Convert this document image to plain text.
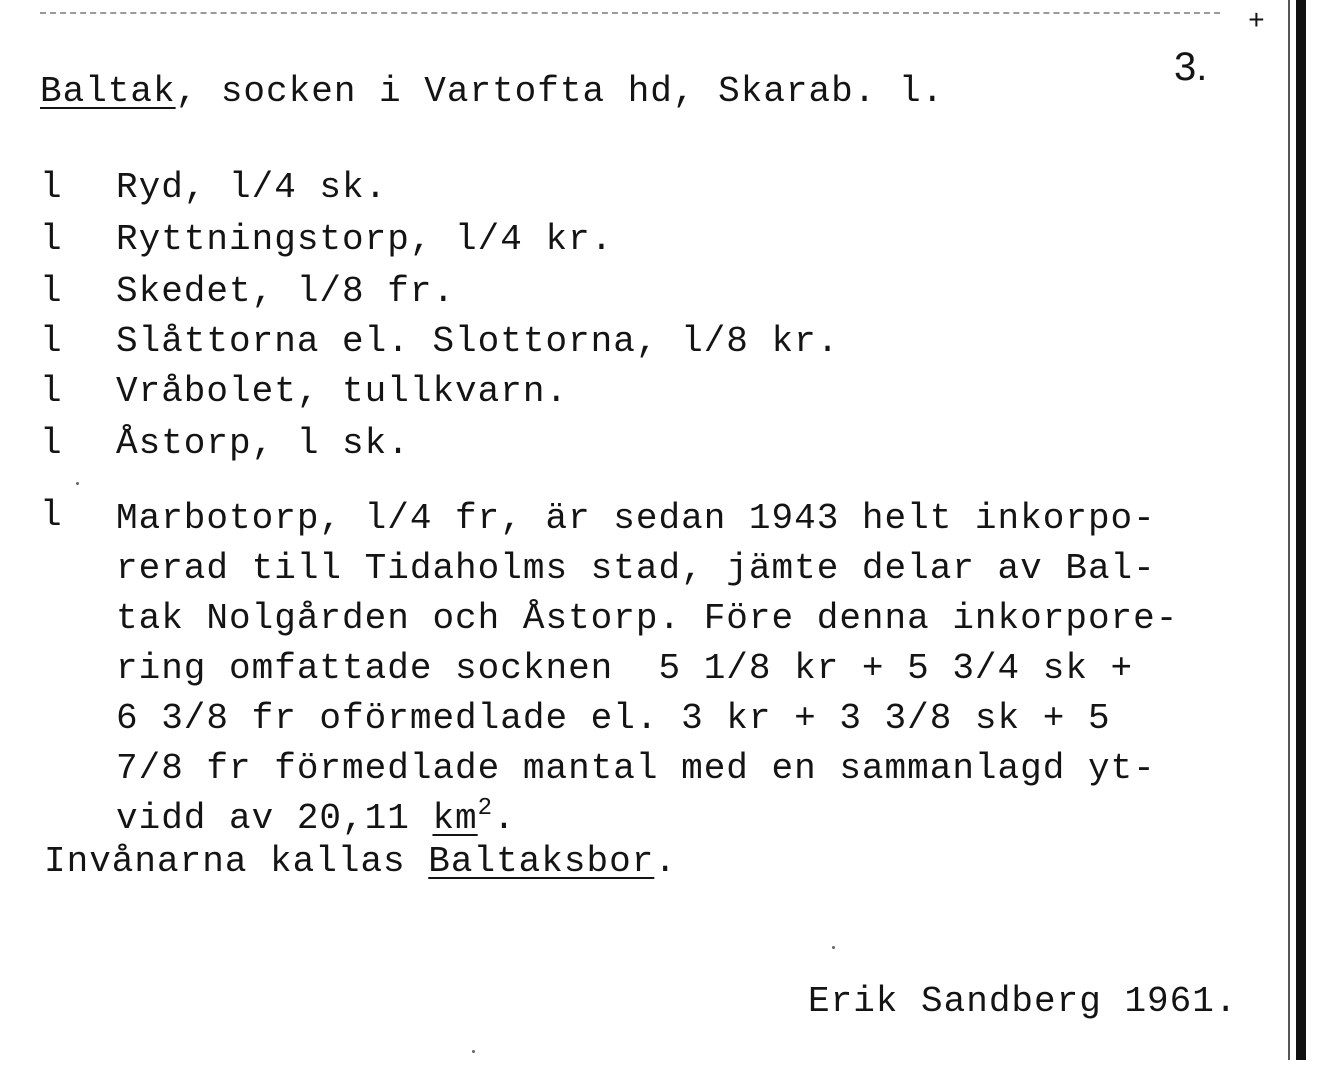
+
3.
Baltak, socken i Vartofta hd, Skarab. l.
l Ryd, l/4 sk.
l Ryttningstorp, l/4 kr.
l Skedet, l/8 fr.
l Slåttorna el. Slottorna, l/8 kr.
l Vråbolet, tullkvarn.
l Åstorp, l sk.
l Marbotorp, l/4 fr, är sedan 1943 helt inkorpo-
rerad till Tidaholms stad, jämte delar av Bal-
tak Nolgården och Åstorp. Före denna inkorpore-
ring omfattade socknen  5 1/8 kr + 5 3/4 sk +
6 3/8 fr oförmedlade el. 3 kr + 3 3/8 sk + 5
7/8 fr förmedlade mantal med en sammanlagd yt-
vidd av 20,11 $km^2$.
Invånarna kallas Baltaksbor.
Erik Sandberg 1961.
